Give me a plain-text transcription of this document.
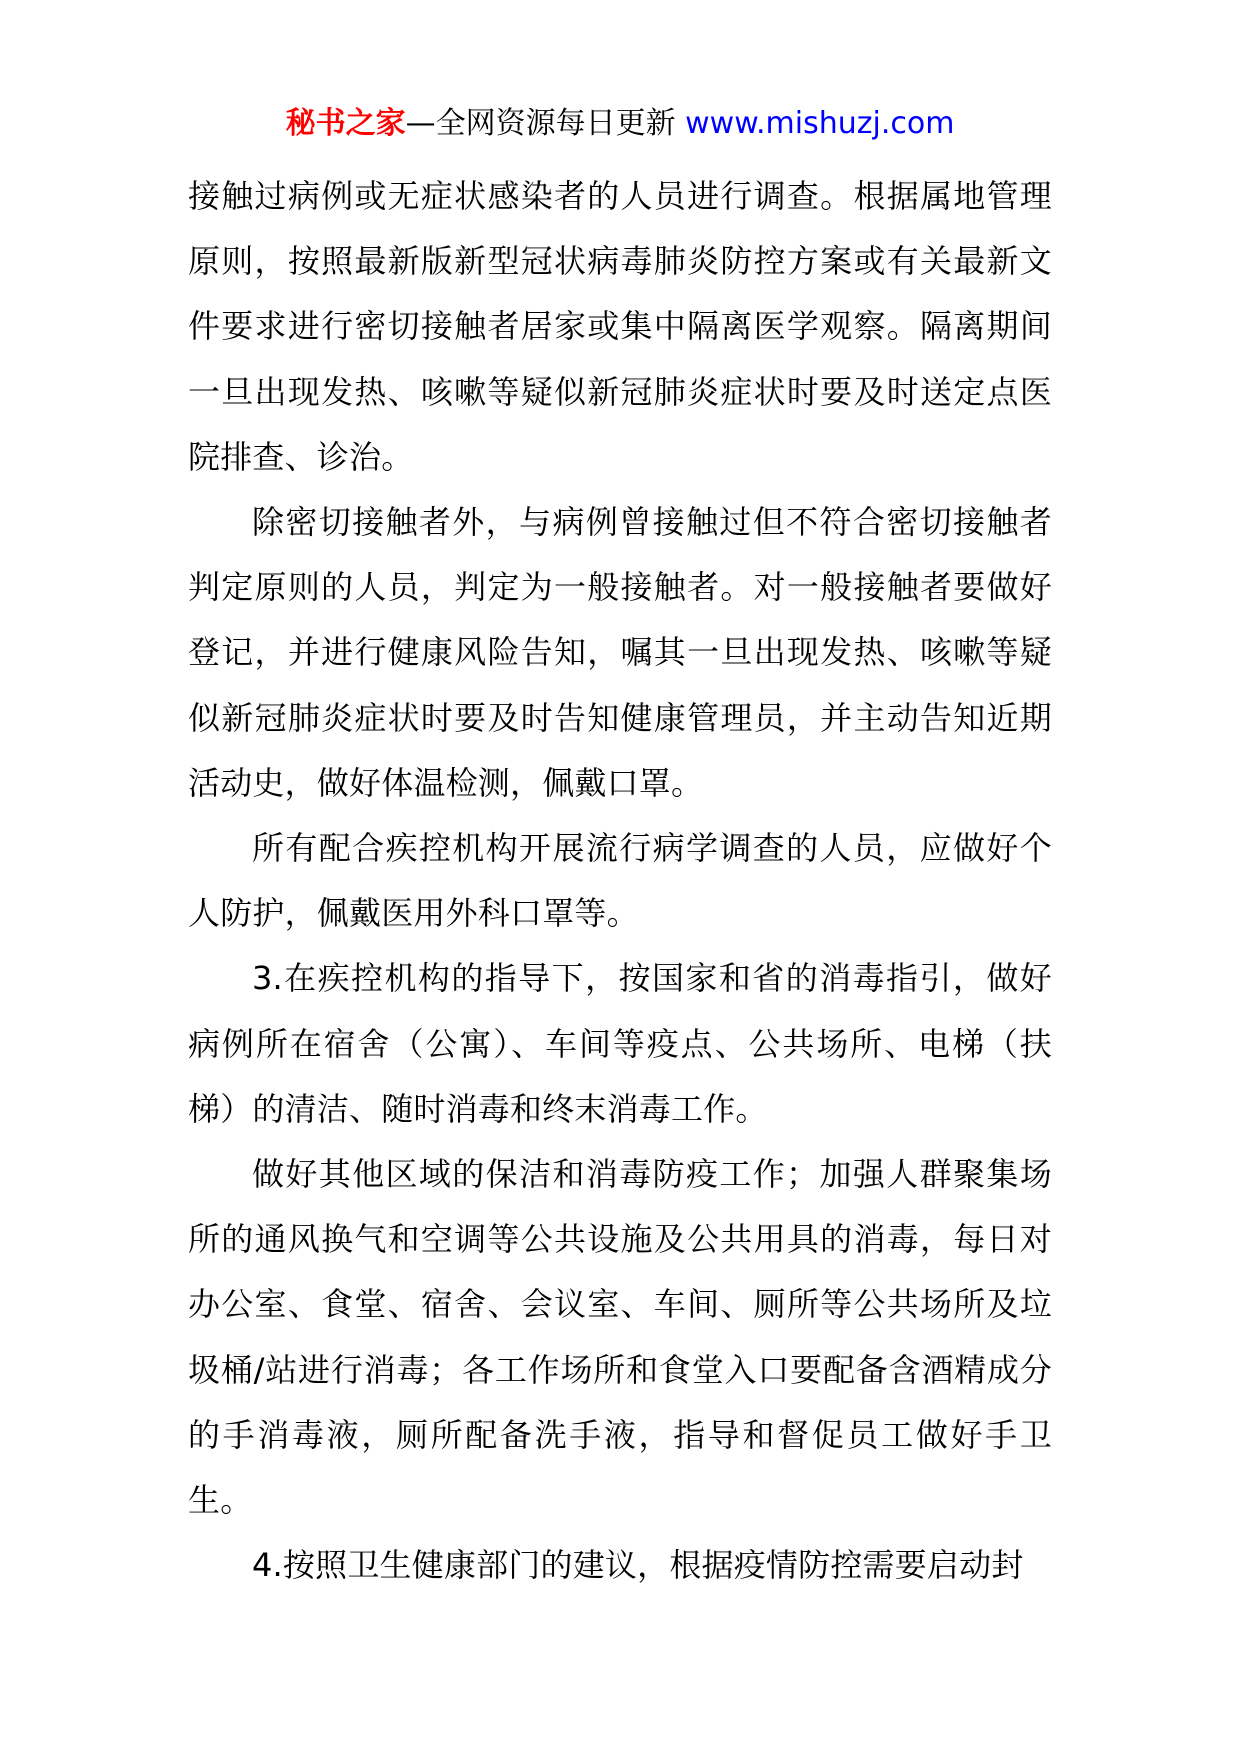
秘书之家—全网资源每日更新 www.mishuzj.com

接触过病例或无症状感染者的人员进行调查。根据属地管理原则，按照最新版新型冠状病毒肺炎防控方案或有关最新文件要求进行密切接触者居家或集中隔离医学观察。隔离期间一旦出现发热、咳嗽等疑似新冠肺炎症状时要及时送定点医院排查、诊治。

除密切接触者外，与病例曾接触过但不符合密切接触者判定原则的人员，判定为一般接触者。对一般接触者要做好登记，并进行健康风险告知，嘱其一旦出现发热、咳嗽等疑似新冠肺炎症状时要及时告知健康管理员，并主动告知近期活动史，做好体温检测，佩戴口罩。

所有配合疾控机构开展流行病学调查的人员，应做好个人防护，佩戴医用外科口罩等。

3.在疾控机构的指导下，按国家和省的消毒指引，做好病例所在宿舍（公寓）、车间等疫点、公共场所、电梯（扶梯）的清洁、随时消毒和终末消毒工作。

做好其他区域的保洁和消毒防疫工作；加强人群聚集场所的通风换气和空调等公共设施及公共用具的消毒，每日对办公室、食堂、宿舍、会议室、车间、厕所等公共场所及垃圾桶/站进行消毒；各工作场所和食堂入口要配备含酒精成分的手消毒液，厕所配备洗手液，指导和督促员工做好手卫生。

4.按照卫生健康部门的建议，根据疫情防控需要启动封
